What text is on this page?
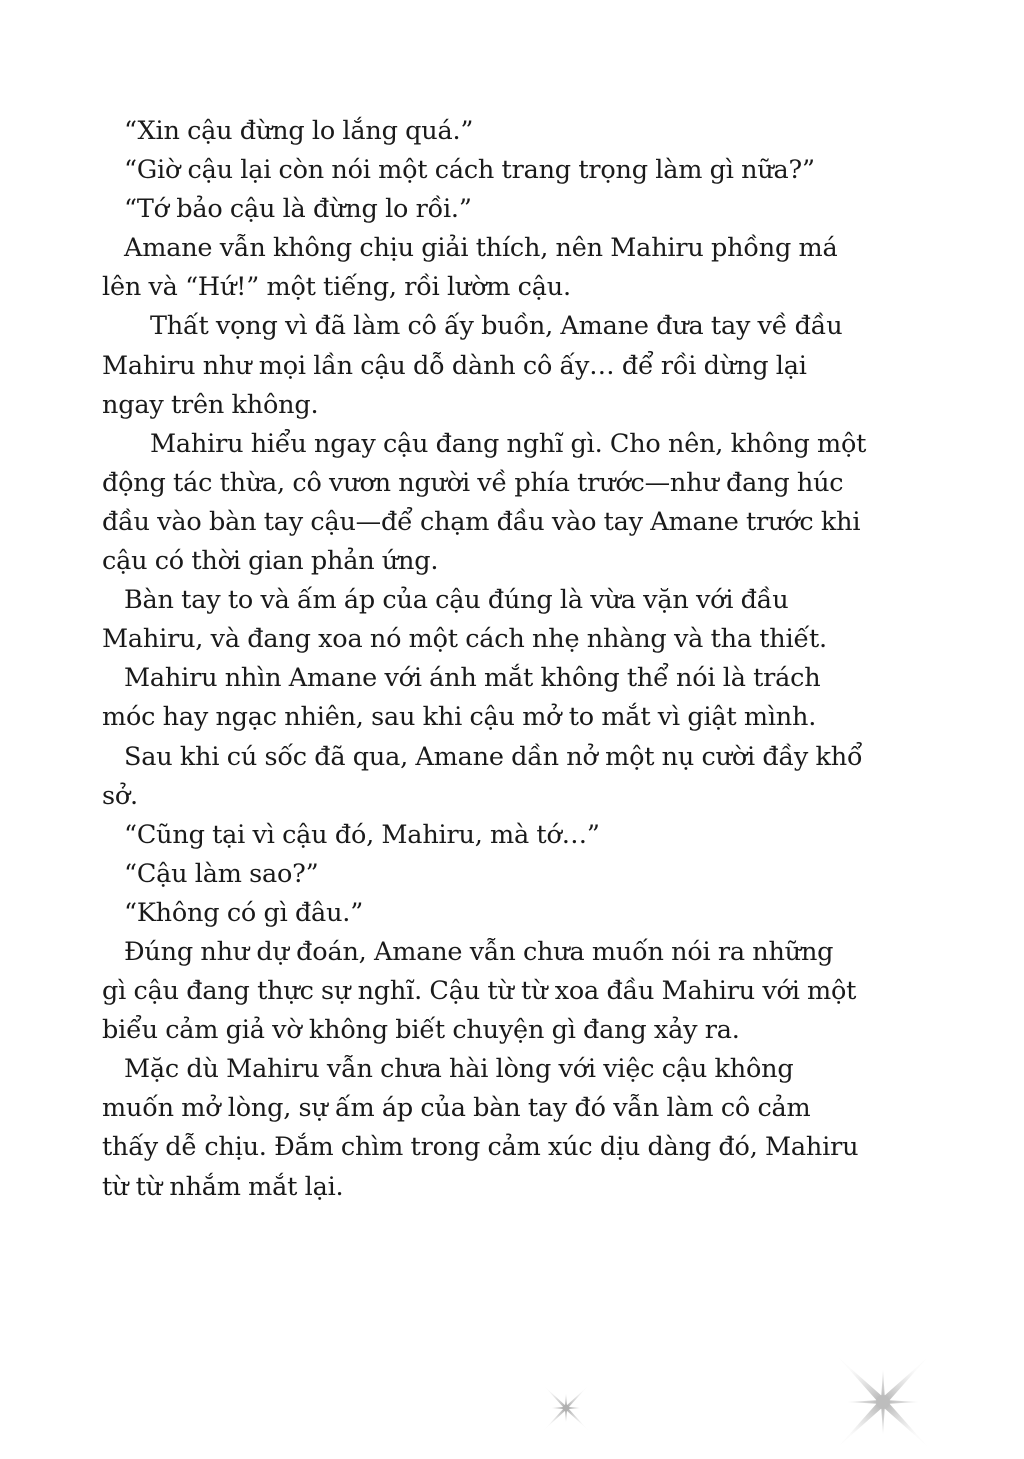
“Xin cậu đừng lo lắng quá.”
“Giờ cậu lại còn nói một cách trang trọng làm gì nữa?”
“Tớ bảo cậu là đừng lo rồi.”
Amane vẫn không chịu giải thích, nên Mahiru phồng má
lên và “Hứ!” một tiếng, rồi lườm cậu.
Thất vọng vì đã làm cô ấy buồn, Amane đưa tay về đầu
Mahiru như mọi lần cậu dỗ dành cô ấy… để rồi dừng lại
ngay trên không.
Mahiru hiểu ngay cậu đang nghĩ gì. Cho nên, không một
động tác thừa, cô vươn người về phía trước—như đang húc
đầu vào bàn tay cậu—để chạm đầu vào tay Amane trước khi
cậu có thời gian phản ứng.
Bàn tay to và ấm áp của cậu đúng là vừa vặn với đầu
Mahiru, và đang xoa nó một cách nhẹ nhàng và tha thiết.
Mahiru nhìn Amane với ánh mắt không thể nói là trách
móc hay ngạc nhiên, sau khi cậu mở to mắt vì giật mình.
Sau khi cú sốc đã qua, Amane dần nở một nụ cười đầy khổ
sở.
“Cũng tại vì cậu đó, Mahiru, mà tớ…”
“Cậu làm sao?”
“Không có gì đâu.”
Đúng như dự đoán, Amane vẫn chưa muốn nói ra những
gì cậu đang thực sự nghĩ. Cậu từ từ xoa đầu Mahiru với một
biểu cảm giả vờ không biết chuyện gì đang xảy ra.
Mặc dù Mahiru vẫn chưa hài lòng với việc cậu không
muốn mở lòng, sự ấm áp của bàn tay đó vẫn làm cô cảm
thấy dễ chịu. Đắm chìm trong cảm xúc dịu dàng đó, Mahiru
từ từ nhắm mắt lại.
